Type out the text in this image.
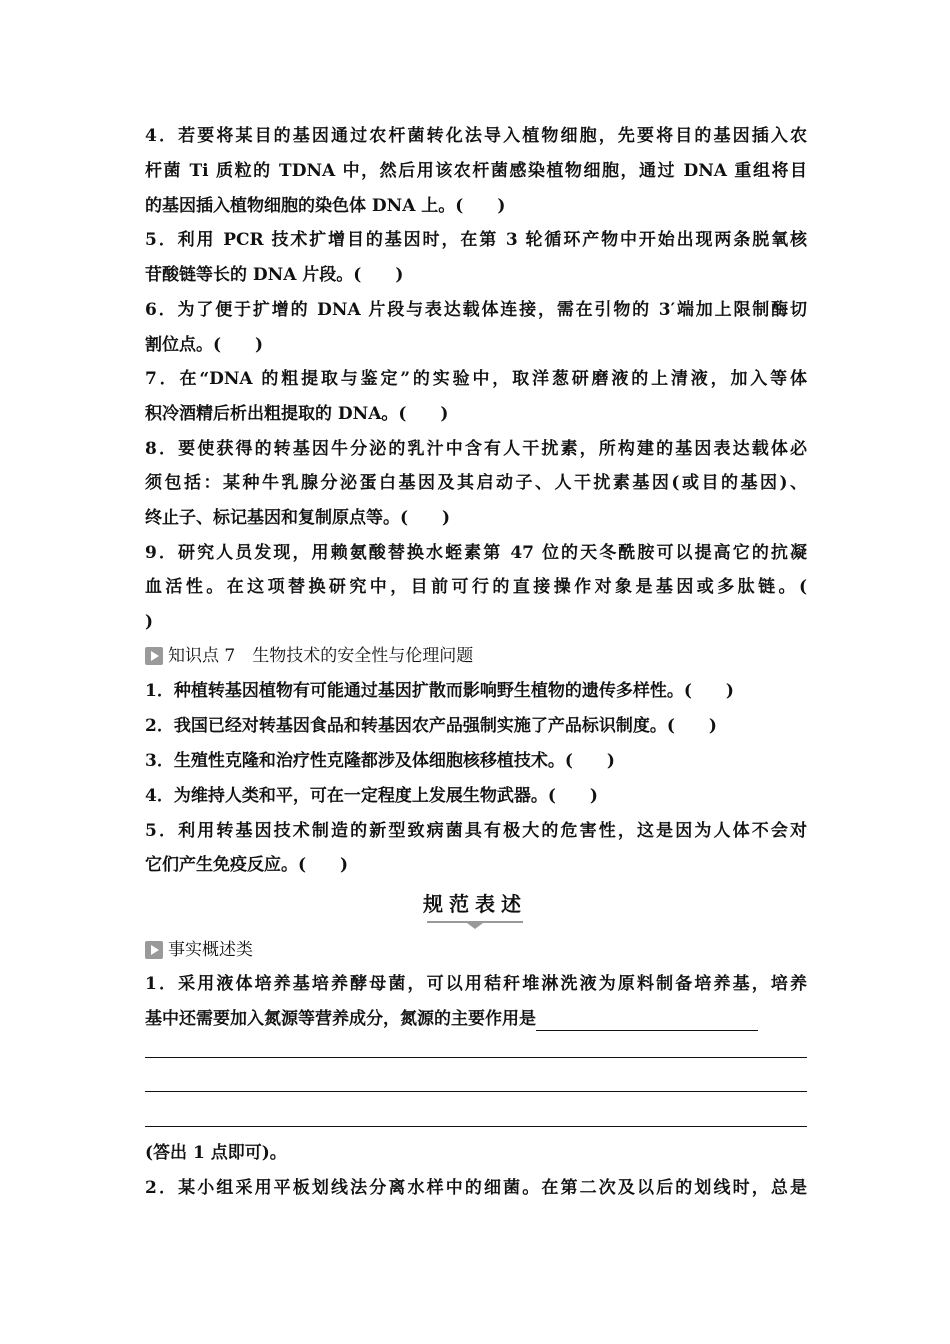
4．若要将某目的基因通过农杆菌转化法导入植物细胞，先要将目的基因插入农
杆菌 Ti 质粒的 TDNA 中，然后用该农杆菌感染植物细胞，通过 DNA 重组将目
的基因插入植物细胞的染色体 DNA 上。(　　)
5．利用 PCR 技术扩增目的基因时，在第 3 轮循环产物中开始出现两条脱氧核
苷酸链等长的 DNA 片段。(　　)
6．为了便于扩增的 DNA 片段与表达载体连接，需在引物的 3′端加上限制酶切
割位点。(　　)
7．在“DNA 的粗提取与鉴定”的实验中，取洋葱研磨液的上清液，加入等体
积冷酒精后析出粗提取的 DNA。(　　)
8．要使获得的转基因牛分泌的乳汁中含有人干扰素，所构建的基因表达载体必
须包括：某种牛乳腺分泌蛋白基因及其启动子、人干扰素基因(或目的基因)、
终止子、标记基因和复制原点等。(　　)
9．研究人员发现，用赖氨酸替换水蛭素第 47 位的天冬酰胺可以提高它的抗凝
血活性。在这项替换研究中，目前可行的直接操作对象是基因或多肽链。(
)
知识点 7　生物技术的安全性与伦理问题
1．种植转基因植物有可能通过基因扩散而影响野生植物的遗传多样性。(　　)
2．我国已经对转基因食品和转基因农产品强制实施了产品标识制度。(　　)
3．生殖性克隆和治疗性克隆都涉及体细胞核移植技术。(　　)
4．为维持人类和平，可在一定程度上发展生物武器。(　　)
5．利用转基因技术制造的新型致病菌具有极大的危害性，这是因为人体不会对
它们产生免疫反应。(　　)
事实概述类
1．采用液体培养基培养酵母菌，可以用秸秆堆淋洗液为原料制备培养基，培养
基中还需要加入氮源等营养成分，氮源的主要作用是
(答出 1 点即可)。
2．某小组采用平板划线法分离水样中的细菌。在第二次及以后的划线时，总是
规范表述
